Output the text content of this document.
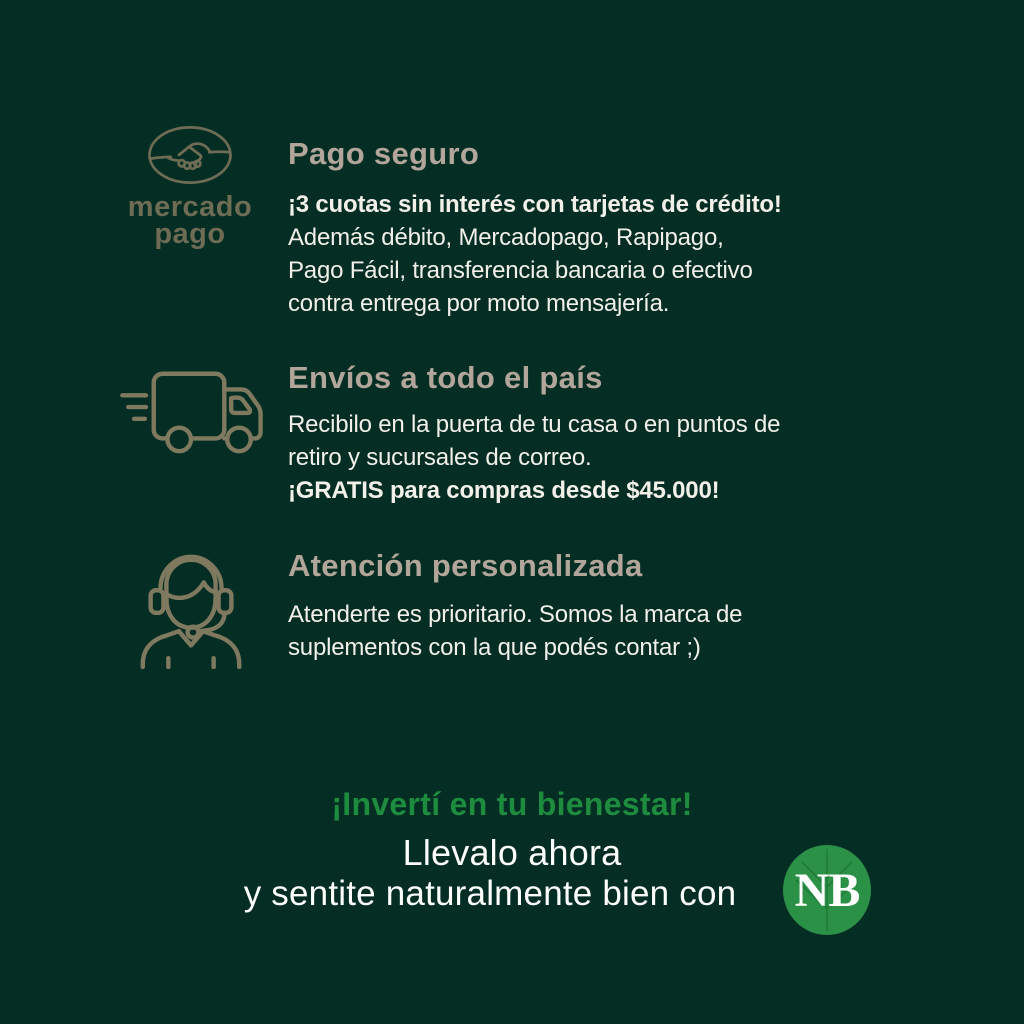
mercado
pago
Pago seguro
¡3 cuotas sin interés con tarjetas de crédito!
Además débito, Mercadopago, Rapipago,
Pago Fácil, transferencia bancaria o efectivo
contra entrega por moto mensajería.
Envíos a todo el país
Recibilo en la puerta de tu casa o en puntos de
retiro y sucursales de correo.
¡GRATIS para compras desde $45.000!
Atención personalizada
Atenderte es prioritario. Somos la marca de
suplementos con la que podés contar ;)
¡Invertí en tu bienestar!
Llevalo ahora
y sentite naturalmente bien con	NB
